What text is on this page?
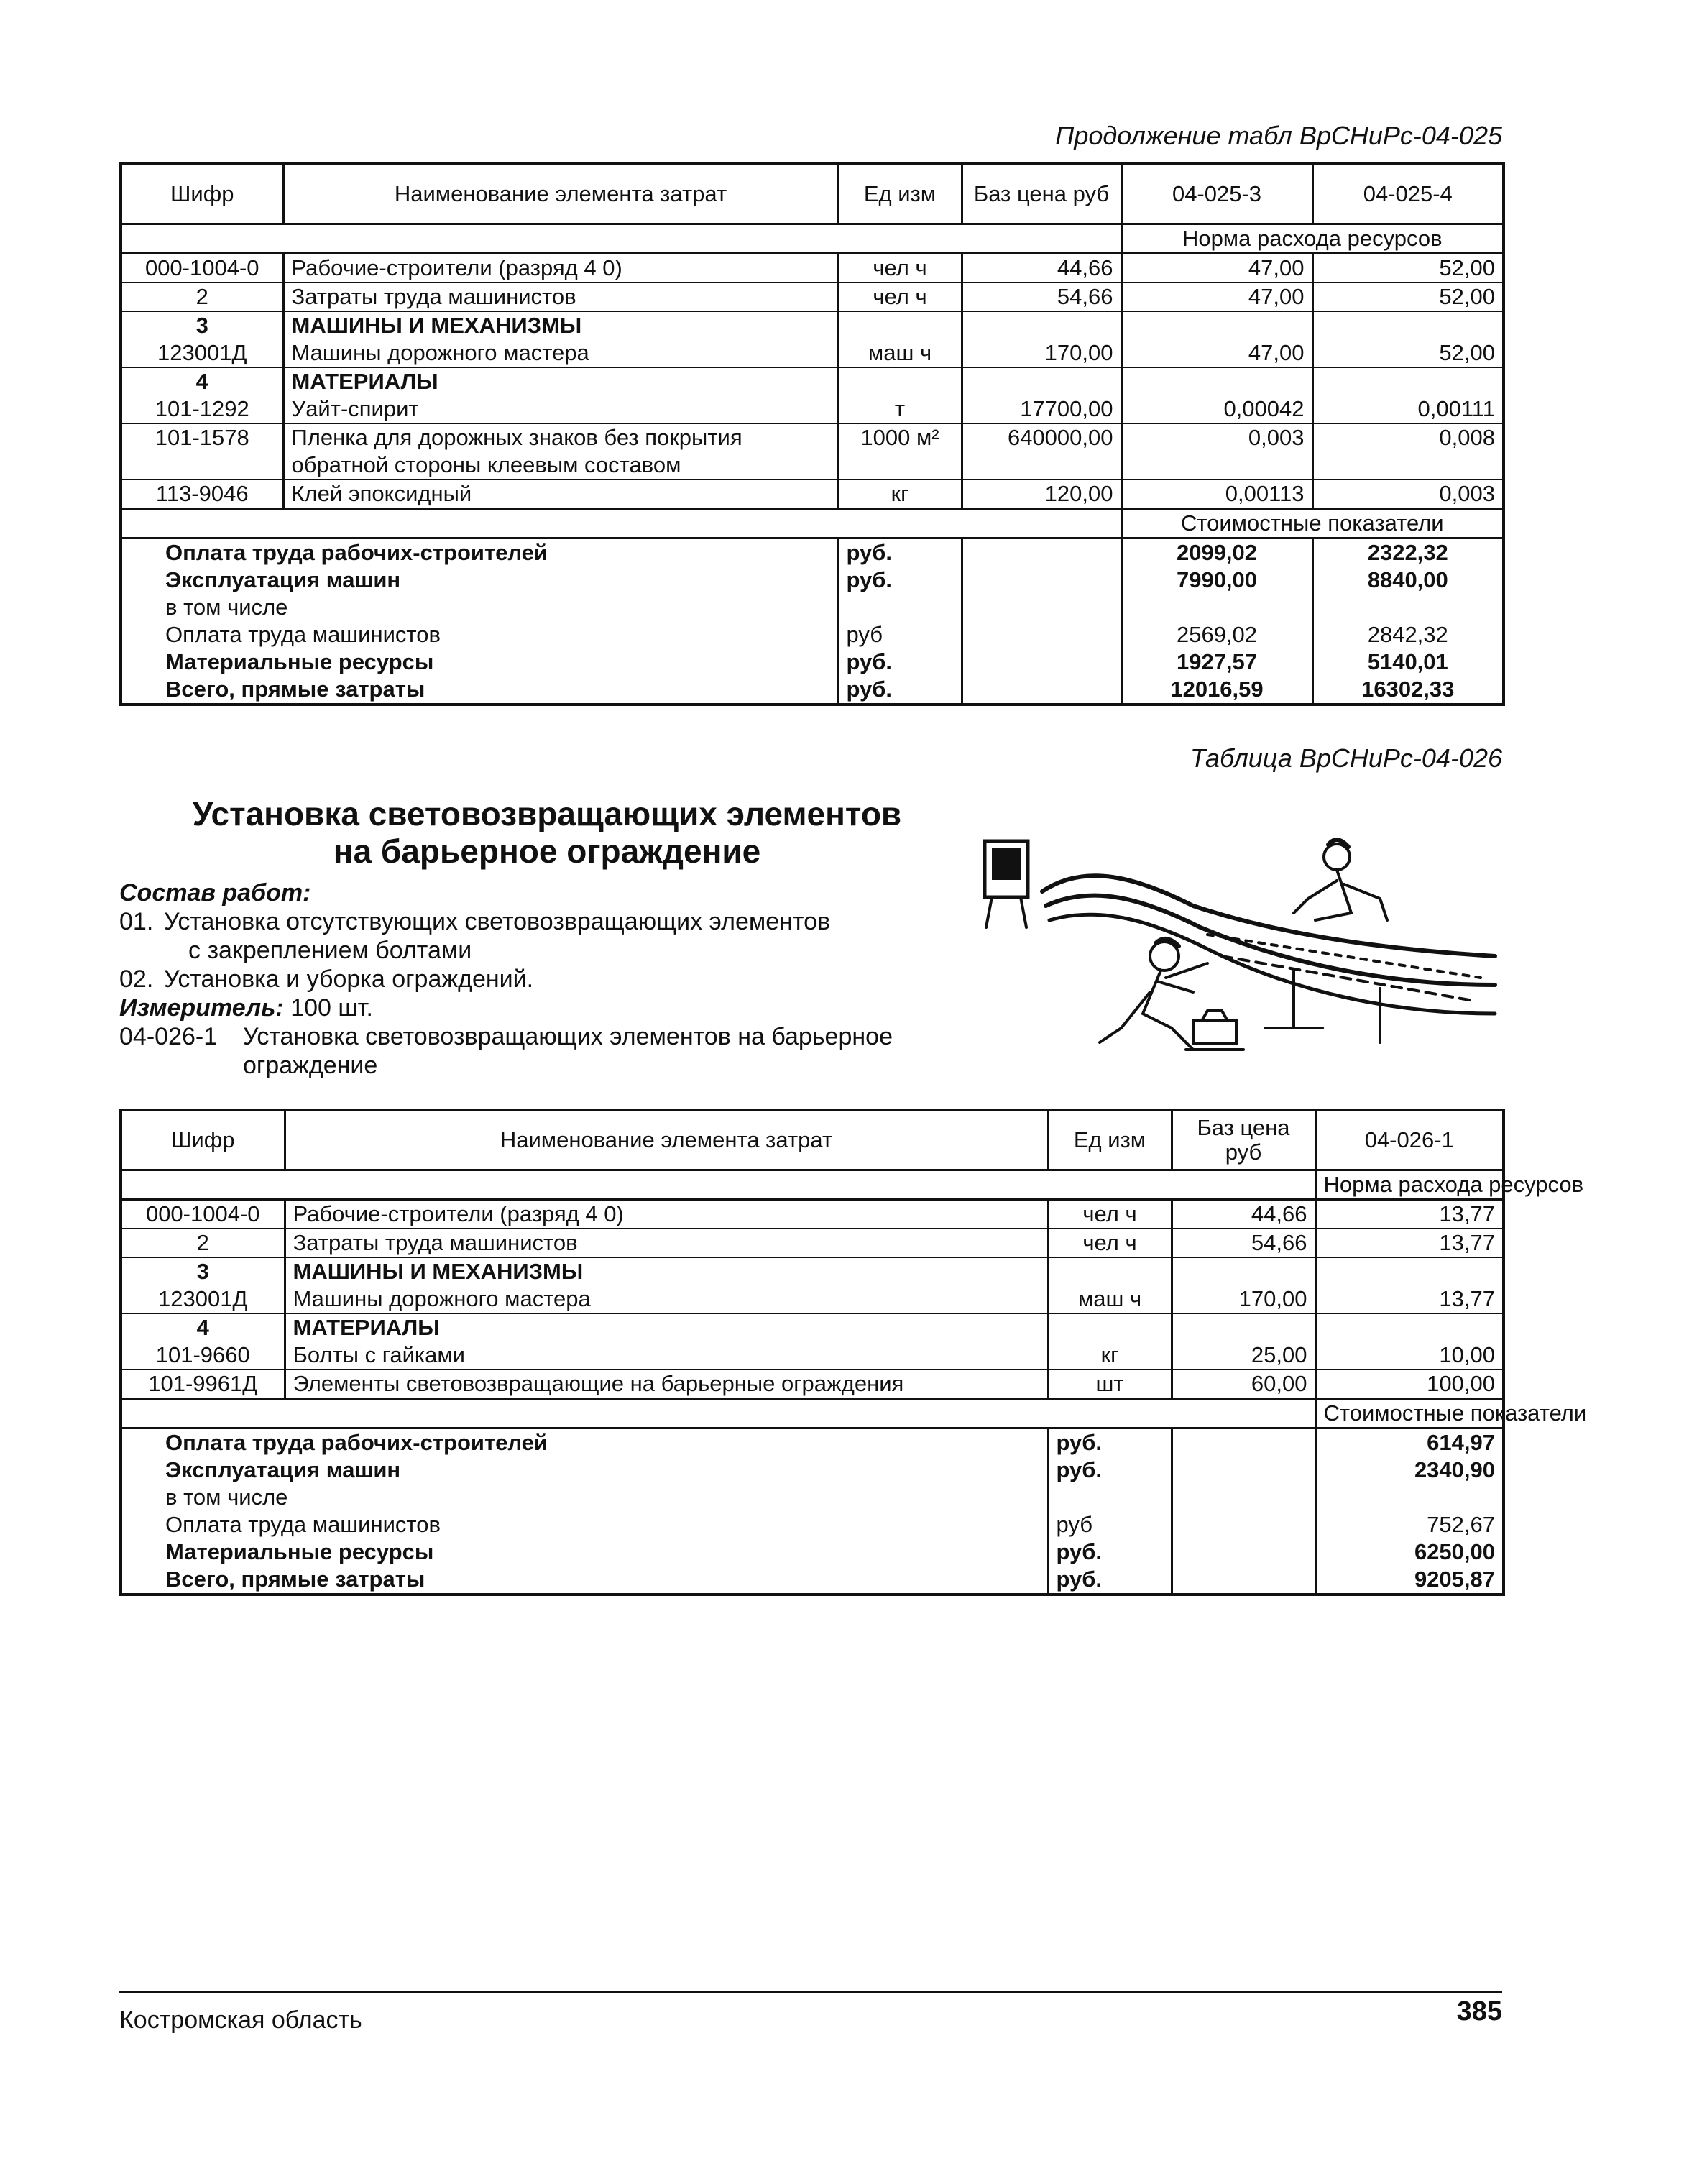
Продолжение табл ВрСНиРс-04-025
Шифр	Наименование элемента затрат	Ед изм	Баз цена руб	04-025-3	04-025-4
				Норма расхода ресурсов	
000-1004-0	Рабочие-строители (разряд 4 0)	чел ч	44,66	47,00	52,00
2	Затраты труда машинистов	чел ч	54,66	47,00	52,00
3	МАШИНЫ И МЕХАНИЗМЫ				
123001Д	Машины дорожного мастера	маш ч	170,00	47,00	52,00
4	МАТЕРИАЛЫ				
101-1292	Уайт-спирит	т	17700,00	0,00042	0,00111
101-1578	Пленка для дорожных знаков без покрытия обратной стороны клеевым составом	1000 м²	640000,00	0,003	0,008
113-9046	Клей эпоксидный	кг	120,00	0,00113	0,003
				Стоимостные показатели	
Оплата труда рабочих-строителей		руб.		2099,02	2322,32
Эксплуатация машин		руб.		7990,00	8840,00
в том числе					
Оплата труда машинистов		руб		2569,02	2842,32
Материальные ресурсы		руб.		1927,57	5140,01
Всего, прямые затраты		руб.		12016,59	16302,33
Таблица ВрСНиРс-04-026
Установка световозвращающих элементов
на барьерное ограждение
Состав работ:
01. Установка отсутствующих световозвращающих элементов
с закреплением болтами
02. Установка и уборка ограждений.
Измеритель: 100 шт.
04-026-1	Установка световозвращающих элементов на барьерное
ограждение
Шифр	Наименование элемента затрат	Ед изм	Баз цена руб	04-026-1
				Норма расхода ресурсов
000-1004-0	Рабочие-строители (разряд 4 0)	чел ч	44,66	13,77
2	Затраты труда машинистов	чел ч	54,66	13,77
3	МАШИНЫ И МЕХАНИЗМЫ			
123001Д	Машины дорожного мастера	маш ч	170,00	13,77
4	МАТЕРИАЛЫ			
101-9660	Болты с гайками	кг	25,00	10,00
101-9961Д	Элементы световозвращающие на барьерные ограждения	шт	60,00	100,00
				Стоимостные показатели
Оплата труда рабочих-строителей		руб.		614,97
Эксплуатация машин		руб.		2340,90
в том числе				
Оплата труда машинистов		руб		752,67
Материальные ресурсы		руб.		6250,00
Всего, прямые затраты		руб.		9205,87
Костромская область	385
